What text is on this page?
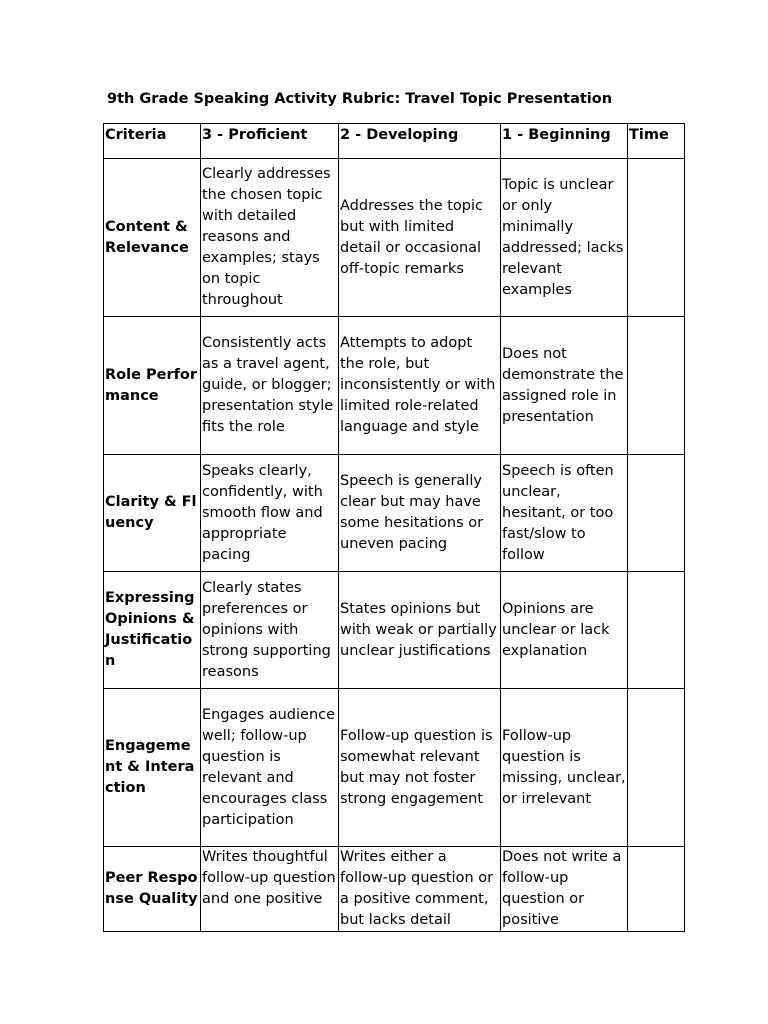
9th Grade Speaking Activity Rubric: Travel Topic Presentation
Criteria	3 - Proficient	2 - Developing	1 - Beginning	Time
Content & Relevance	Clearly addresses the chosen topic with detailed reasons and examples; stays on topic throughout	Addresses the topic but with limited detail or occasional off-topic remarks	Topic is unclear or only minimally addressed; lacks relevant examples	
Role Performance	Consistently acts as a travel agent, guide, or blogger; presentation style fits the role	Attempts to adopt the role, but inconsistently or with limited role-related language and style	Does not demonstrate the assigned role in presentation	
Clarity & Fluency	Speaks clearly, confidently, with smooth flow and appropriate pacing	Speech is generally clear but may have some hesitations or uneven pacing	Speech is often unclear, hesitant, or too fast/slow to follow	
Expressing Opinions & Justification	Clearly states preferences or opinions with strong supporting reasons	States opinions but with weak or partially unclear justifications	Opinions are unclear or lack explanation	
Engagement & Interaction	Engages audience well; follow-up question is relevant and encourages class participation	Follow-up question is somewhat relevant but may not foster strong engagement	Follow-up question is missing, unclear, or irrelevant	
Peer Response Quality	Writes thoughtful follow-up question and one positive	Writes either a follow-up question or a positive comment, but lacks detail	Does not write a follow-up question or positive	
